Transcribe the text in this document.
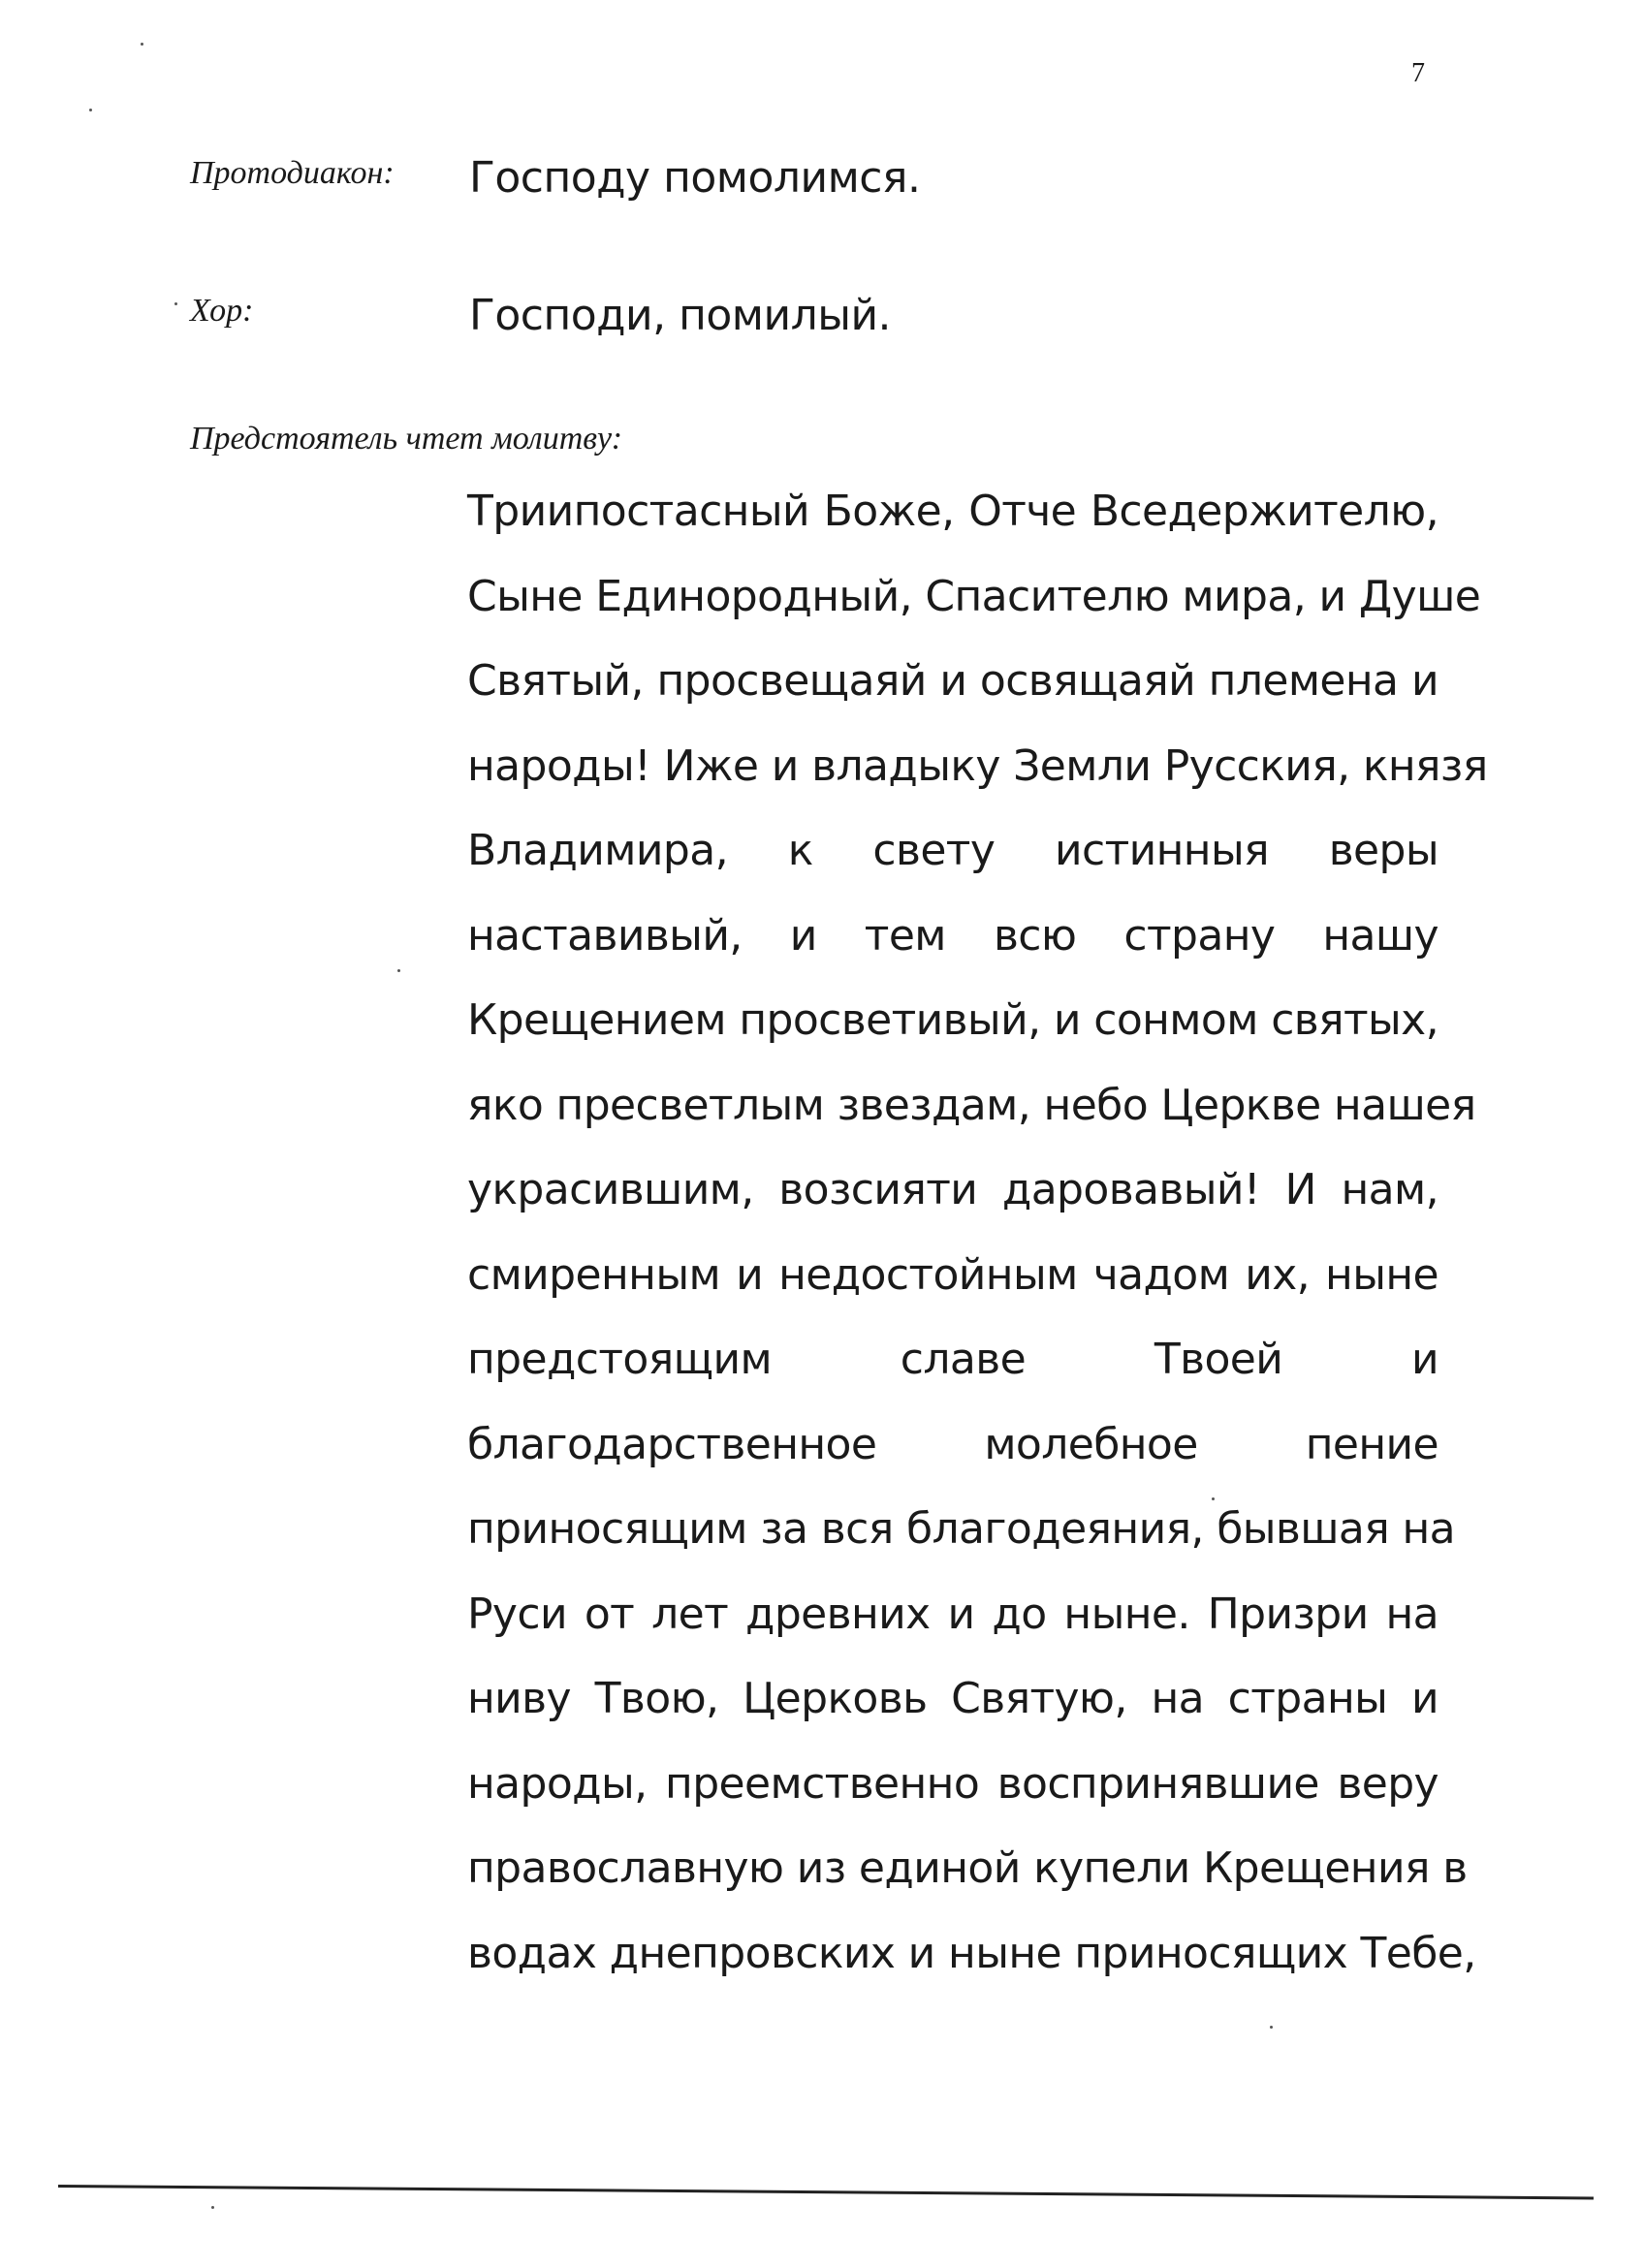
7
Протодиакон: Господу помолимся.
Хор:	Господи, помилый.
Предстоятель чтет молитву:
Триипостасный Боже, Отче Вседержителю,
Сыне Единородный, Спасителю мира, и Душе
Святый, просвещаяй и освящаяй племена и
народы! Иже и владыку Земли Русския, князя
Владимира, к свету истинныя веры
наставивый, и тем всю страну нашу
Крещением просветивый, и сонмом святых,
яко пресветлым звездам, небо Церкве нашея
украсившим, возсияти даровавый! И нам,
смиренным и недостойным чадом их, ныне
предстоящим славе Твоей и
благодарственное молебное пение
приносящим за вся благодеяния, бывшая на
Руси от лет древних и до ныне. Призри на
ниву Твою, Церковь Святую, на страны и
народы, преемственно воспринявшие веру
православную из единой купели Крещения в
водах днепровских и ныне приносящих Тебе,
